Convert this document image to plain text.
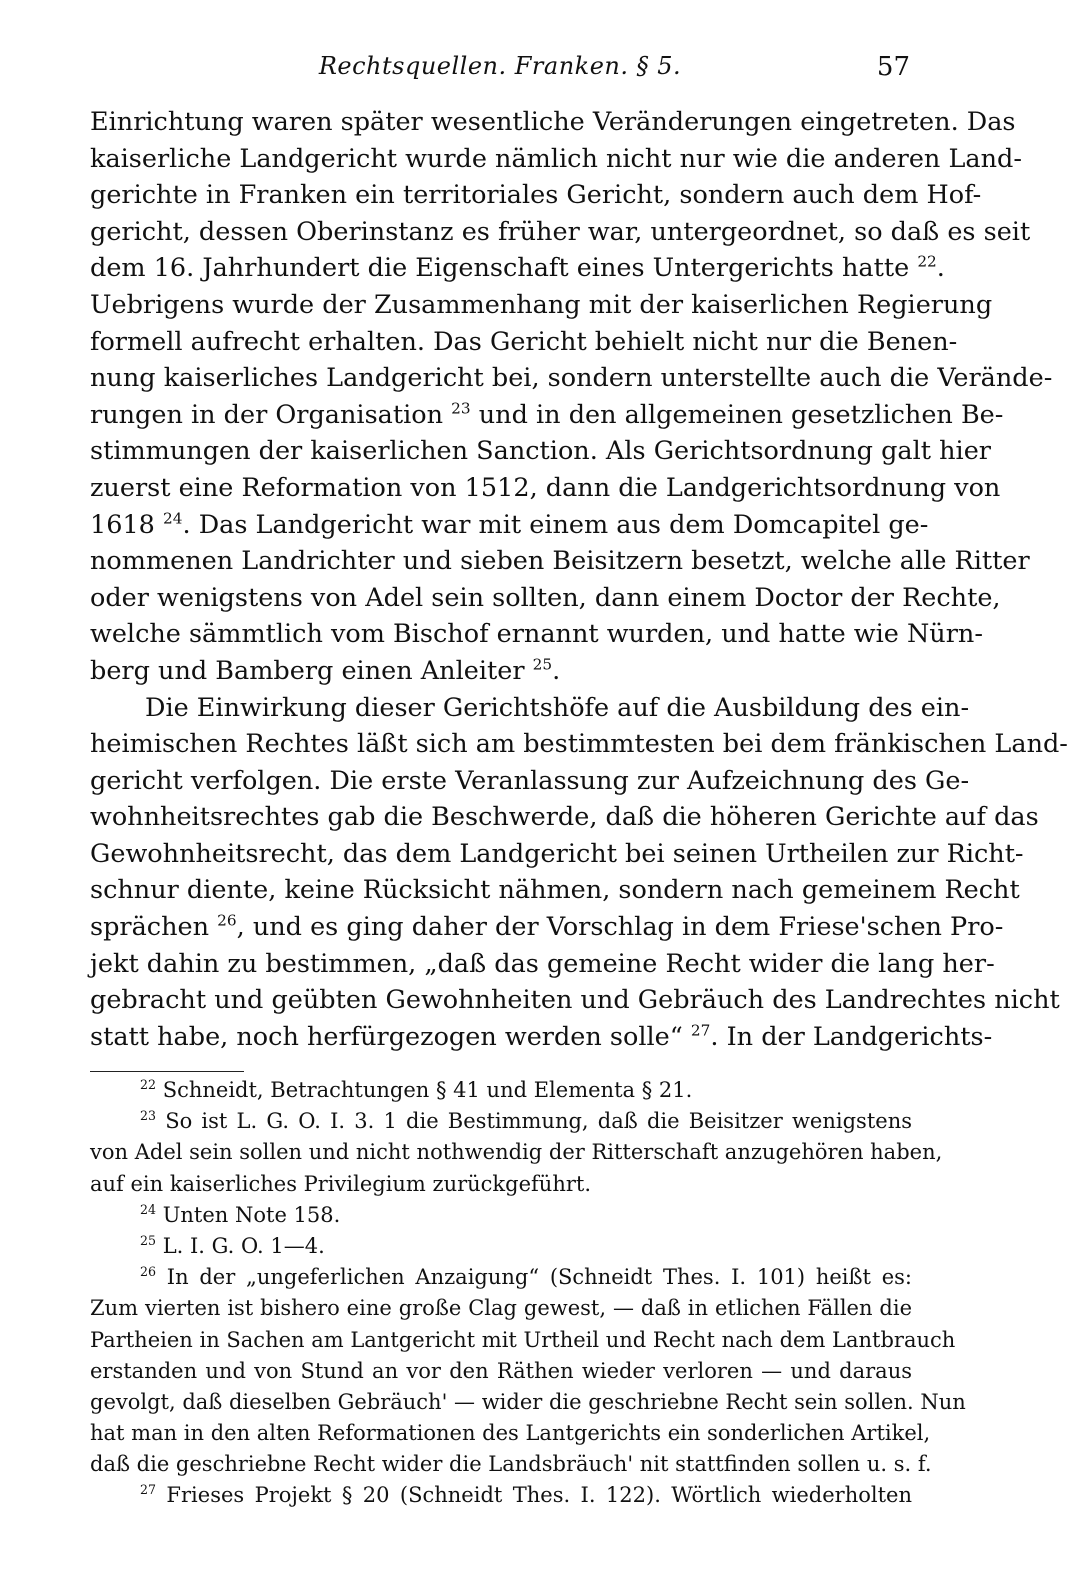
Rechtsquellen. Franken. § 5.	57
Einrichtung waren später wesentliche Veränderungen eingetreten. Das
kaiserliche Landgericht wurde nämlich nicht nur wie die anderen Land-
gerichte in Franken ein territoriales Gericht, sondern auch dem Hof-
gericht, dessen Oberinstanz es früher war, untergeordnet, so daß es seit
dem 16. Jahrhundert die Eigenschaft eines Untergerichts hatte $^{22}$.
Uebrigens wurde der Zusammenhang mit der kaiserlichen Regierung
formell aufrecht erhalten. Das Gericht behielt nicht nur die Benen-
nung kaiserliches Landgericht bei, sondern unterstellte auch die Verände-
rungen in der Organisation $^{23}$ und in den allgemeinen gesetzlichen Be-
stimmungen der kaiserlichen Sanction. Als Gerichtsordnung galt hier
zuerst eine Reformation von 1512, dann die Landgerichtsordnung von
1618 $^{24}$. Das Landgericht war mit einem aus dem Domcapitel ge-
nommenen Landrichter und sieben Beisitzern besetzt, welche alle Ritter
oder wenigstens von Adel sein sollten, dann einem Doctor der Rechte,
welche sämmtlich vom Bischof ernannt wurden, und hatte wie Nürn-
berg und Bamberg einen Anleiter $^{25}$.
Die Einwirkung dieser Gerichtshöfe auf die Ausbildung des ein-
heimischen Rechtes läßt sich am bestimmtesten bei dem fränkischen Land-
gericht verfolgen. Die erste Veranlassung zur Aufzeichnung des Ge-
wohnheitsrechtes gab die Beschwerde, daß die höheren Gerichte auf das
Gewohnheitsrecht, das dem Landgericht bei seinen Urtheilen zur Richt-
schnur diente, keine Rücksicht nähmen, sondern nach gemeinem Recht
sprächen $^{26}$, und es ging daher der Vorschlag in dem Friese'schen Pro-
jekt dahin zu bestimmen, „daß das gemeine Recht wider die lang her-
gebracht und geübten Gewohnheiten und Gebräuch des Landrechtes nicht
statt habe, noch herfürgezogen werden solle“ $^{27}$. In der Landgerichts-
$^{22}$ Schneidt, Betrachtungen § 41 und Elementa § 21.
$^{23}$ So ist L. G. O. I. 3. 1 die Bestimmung, daß die Beisitzer wenigstens
von Adel sein sollen und nicht nothwendig der Ritterschaft anzugehören haben,
auf ein kaiserliches Privilegium zurückgeführt.
$^{24}$ Unten Note 158.
$^{25}$ L. I. G. O. 1—4.
$^{26}$ In der „ungeferlichen Anzaigung“ (Schneidt Thes. I. 101) heißt es:
Zum vierten ist bishero eine große Clag gewest, — daß in etlichen Fällen die
Partheien in Sachen am Lantgericht mit Urtheil und Recht nach dem Lantbrauch
erstanden und von Stund an vor den Räthen wieder verloren — und daraus
gevolgt, daß dieselben Gebräuch' — wider die geschriebne Recht sein sollen. Nun
hat man in den alten Reformationen des Lantgerichts ein sonderlichen Artikel,
daß die geschriebne Recht wider die Landsbräuch' nit stattfinden sollen u. s. f.
$^{27}$ Frieses Projekt § 20 (Schneidt Thes. I. 122). Wörtlich wiederholten
